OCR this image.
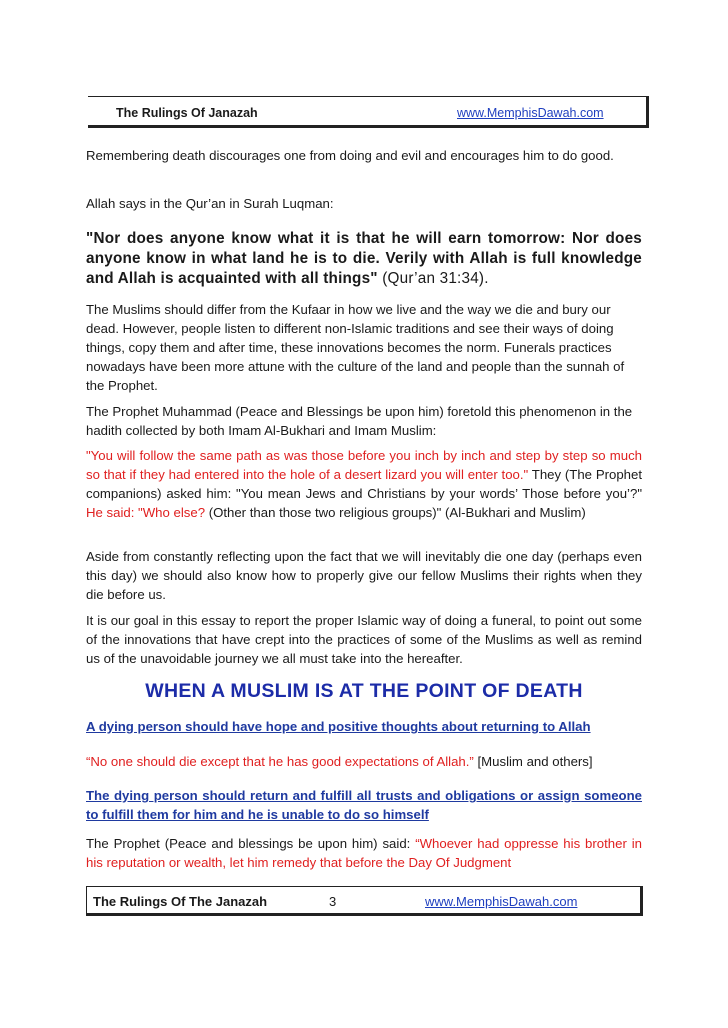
The Rulings Of Janazah	www.MemphisDawah.com

Remembering death discourages one from doing and evil and encourages him to do good.

Allah says in the Qur’an in Surah Luqman:

"Nor does anyone know what it is that he will earn tomorrow: Nor does anyone know in what land he is to die. Verily with Allah is full knowledge and Allah is acquainted with all things" (Qur’an 31:34).

The Muslims should differ from the Kufaar in how we live and the way we die and bury our dead. However, people listen to different non-Islamic traditions and see their ways of doing things, copy them and after time, these innovations becomes the norm. Funerals practices nowadays have been more attune with the culture of the land and people than the sunnah of the Prophet.

The Prophet Muhammad (Peace and Blessings be upon him) foretold this phenomenon in the hadith collected by both Imam Al-Bukhari and Imam Muslim:

"You will follow the same path as was those before you inch by inch and step by step so much so that if they had entered into the hole of a desert lizard you will enter too." They (The Prophet companions) asked him: "You mean Jews and Christians by your words’ Those before you’?" He said: "Who else? (Other than those two religious groups)" (Al-Bukhari and Muslim)

Aside from constantly reflecting upon the fact that we will inevitably die one day (perhaps even this day) we should also know how to properly give our fellow Muslims their rights when they die before us.

It is our goal in this essay to report the proper Islamic way of doing a funeral, to point out some of the innovations that have crept into the practices of some of the Muslims as well as remind us of the unavoidable journey we all must take into the hereafter.

WHEN A MUSLIM IS AT THE POINT OF DEATH

A dying person should have hope and positive thoughts about returning to Allah

“No one should die except that he has good expectations of Allah.” [Muslim and others]

The dying person should return and fulfill all trusts and obligations or assign someone to fulfill them for him and he is unable to do so himself

The Prophet (Peace and blessings be upon him) said: “Whoever had oppresse his brother in his reputation or wealth, let him remedy that before the Day Of Judgment

The Rulings Of The Janazah	3	www.MemphisDawah.com
